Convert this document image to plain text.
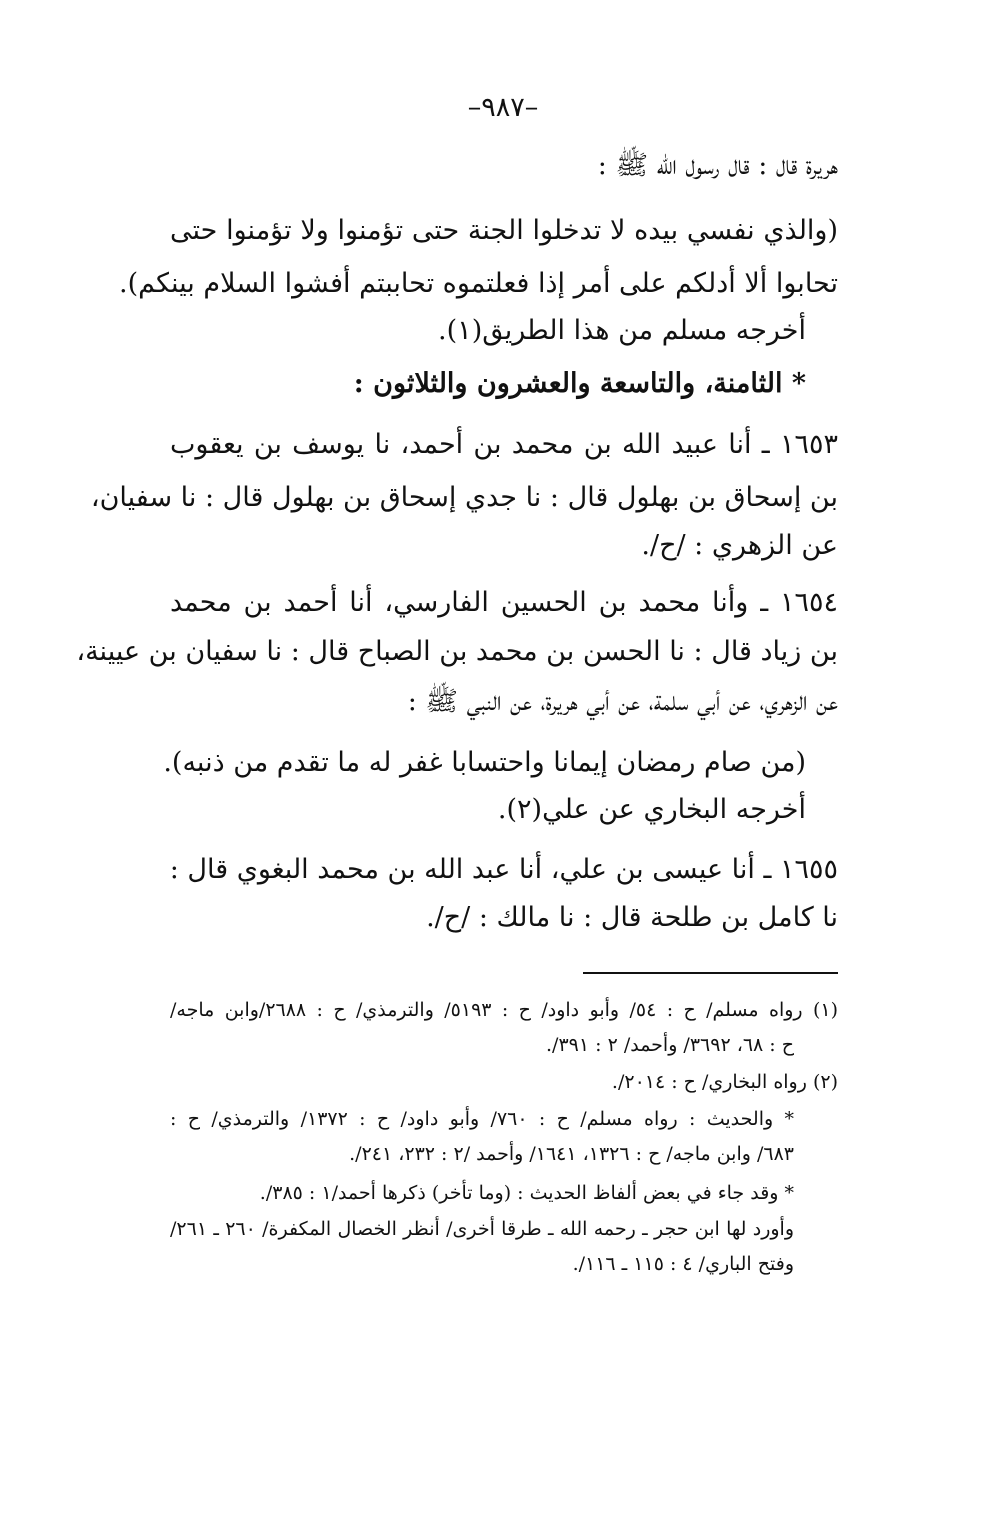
–٩٨٧–
هريرة قال : قال رسول الله ﷺ :
(والذي نفسي بيده لا تدخلوا الجنة حتى تؤمنوا ولا تؤمنوا حتى
تحابوا ألا أدلكم على أمر إذا فعلتموه تحاببتم أفشوا السلام بينكم).
أخرجه مسلم من هذا الطريق(١).
* الثامنة، والتاسعة والعشرون والثلاثون :
١٦٥٣ ـ أنا عبيد الله بن محمد بن أحمد، نا يوسف بن يعقوب
بن إسحاق بن بهلول قال : نا جدي إسحاق بن بهلول قال : نا سفيان،
عن الزهري : /ح/.
١٦٥٤ ـ وأنا محمد بن الحسين الفارسي، أنا أحمد بن محمد
بن زياد قال : نا الحسن بن محمد بن الصباح قال : نا سفيان بن عيينة،
عن الزهري، عن أبي سلمة، عن أبي هريرة، عن النبي ﷺ :
(من صام رمضان إيمانا واحتسابا غفر له ما تقدم من ذنبه).
أخرجه البخاري عن علي(٢).
١٦٥٥ ـ أنا عيسى بن علي، أنا عبد الله بن محمد البغوي قال :
نا كامل بن طلحة قال : نا مالك : /ح/.
(١) رواه مسلم/ ح : ٥٤/ وأبو داود/ ح : ٥١٩٣/ والترمذي/ ح : ٢٦٨٨/وابن ماجه/
ح : ٦٨، ٣٦٩٢/ وأحمد/ ٢ : ٣٩١/.
(٢) رواه البخاري/ ح : ٢٠١٤/.
* والحديث : رواه مسلم/ ح : ٧٦٠/ وأبو داود/ ح : ١٣٧٢/ والترمذي/ ح :
٦٨٣/ وابن ماجه/ ح : ١٣٢٦، ١٦٤١/ وأحمد /٢ : ٢٣٢، ٢٤١/.
* وقد جاء في بعض ألفاظ الحديث : (وما تأخر) ذكرها أحمد/١ : ٣٨٥/.
وأورد لها ابن حجر ـ رحمه الله ـ طرقا أخرى/ أنظر الخصال المكفرة/ ٢٦٠ ـ ٢٦١/
وفتح الباري/ ٤ : ١١٥ ـ ١١٦/.
